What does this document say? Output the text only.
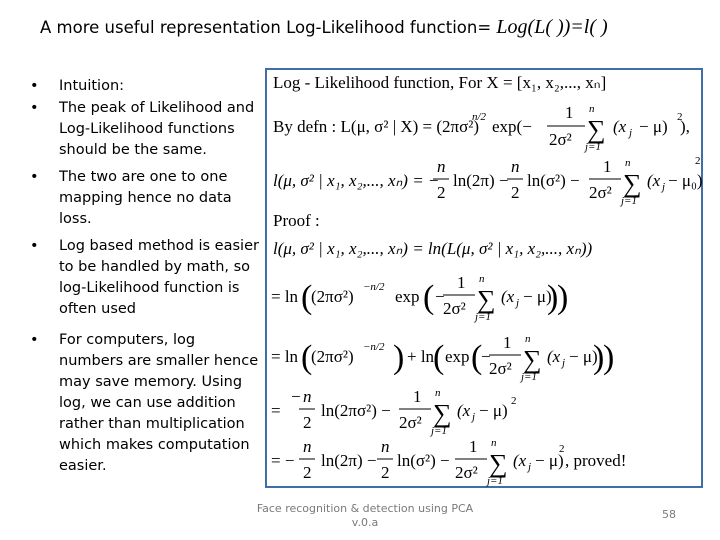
A more useful representation Log-Likelihood function= Log(L( ))=l( )
• Intuition:
• The peak of Likelihood and Log-Likelihood functions should be the same.
• The two are one to one mapping hence no data loss.
• Log based method is easier to be handled by math, so log-Likelihood function is often used
• For computers, log numbers are smaller hence may save memory. Using log, we can use addition rather than multiplication which makes computation easier.
Log - Likelihood function, For X = [x₁, x₂,..., xₙ]
By defn : L(μ, σ² | X) = (2πσ²)
n/2 exp(−
1
2σ² ∑
n
j=1
(x j − μ) 2
),
l(μ, σ² | x₁, x₂,..., xₙ) = −
n
2
ln(2π) −
n
2
ln(σ²) −
1
2σ² ∑
n
j=1
(x j − μ₀)
2
Proof :
l(μ, σ² | x₁, x₂,..., xₙ) = ln(L(μ, σ² | x₁, x₂,..., xₙ))
= ln (
(2πσ²) −n/2 exp ( −
1
2σ² ∑
n
j=1
(x j − μ)
)
)
= ln (
(2πσ²) −n/2 ) + ln
( exp (
−
1
2σ² ∑
n
j=1
(x j − μ)
)
)
=
− n
2
ln(2πσ²) −
1
2σ² ∑
n
j=1
(x j − μ) 2
= −
n
2
ln(2π) −
n
2
ln(σ²) −
1
2σ² ∑
n
j=1
(x j − μ)
2
, proved!
Face recognition & detection using PCA
v.0.a
58
